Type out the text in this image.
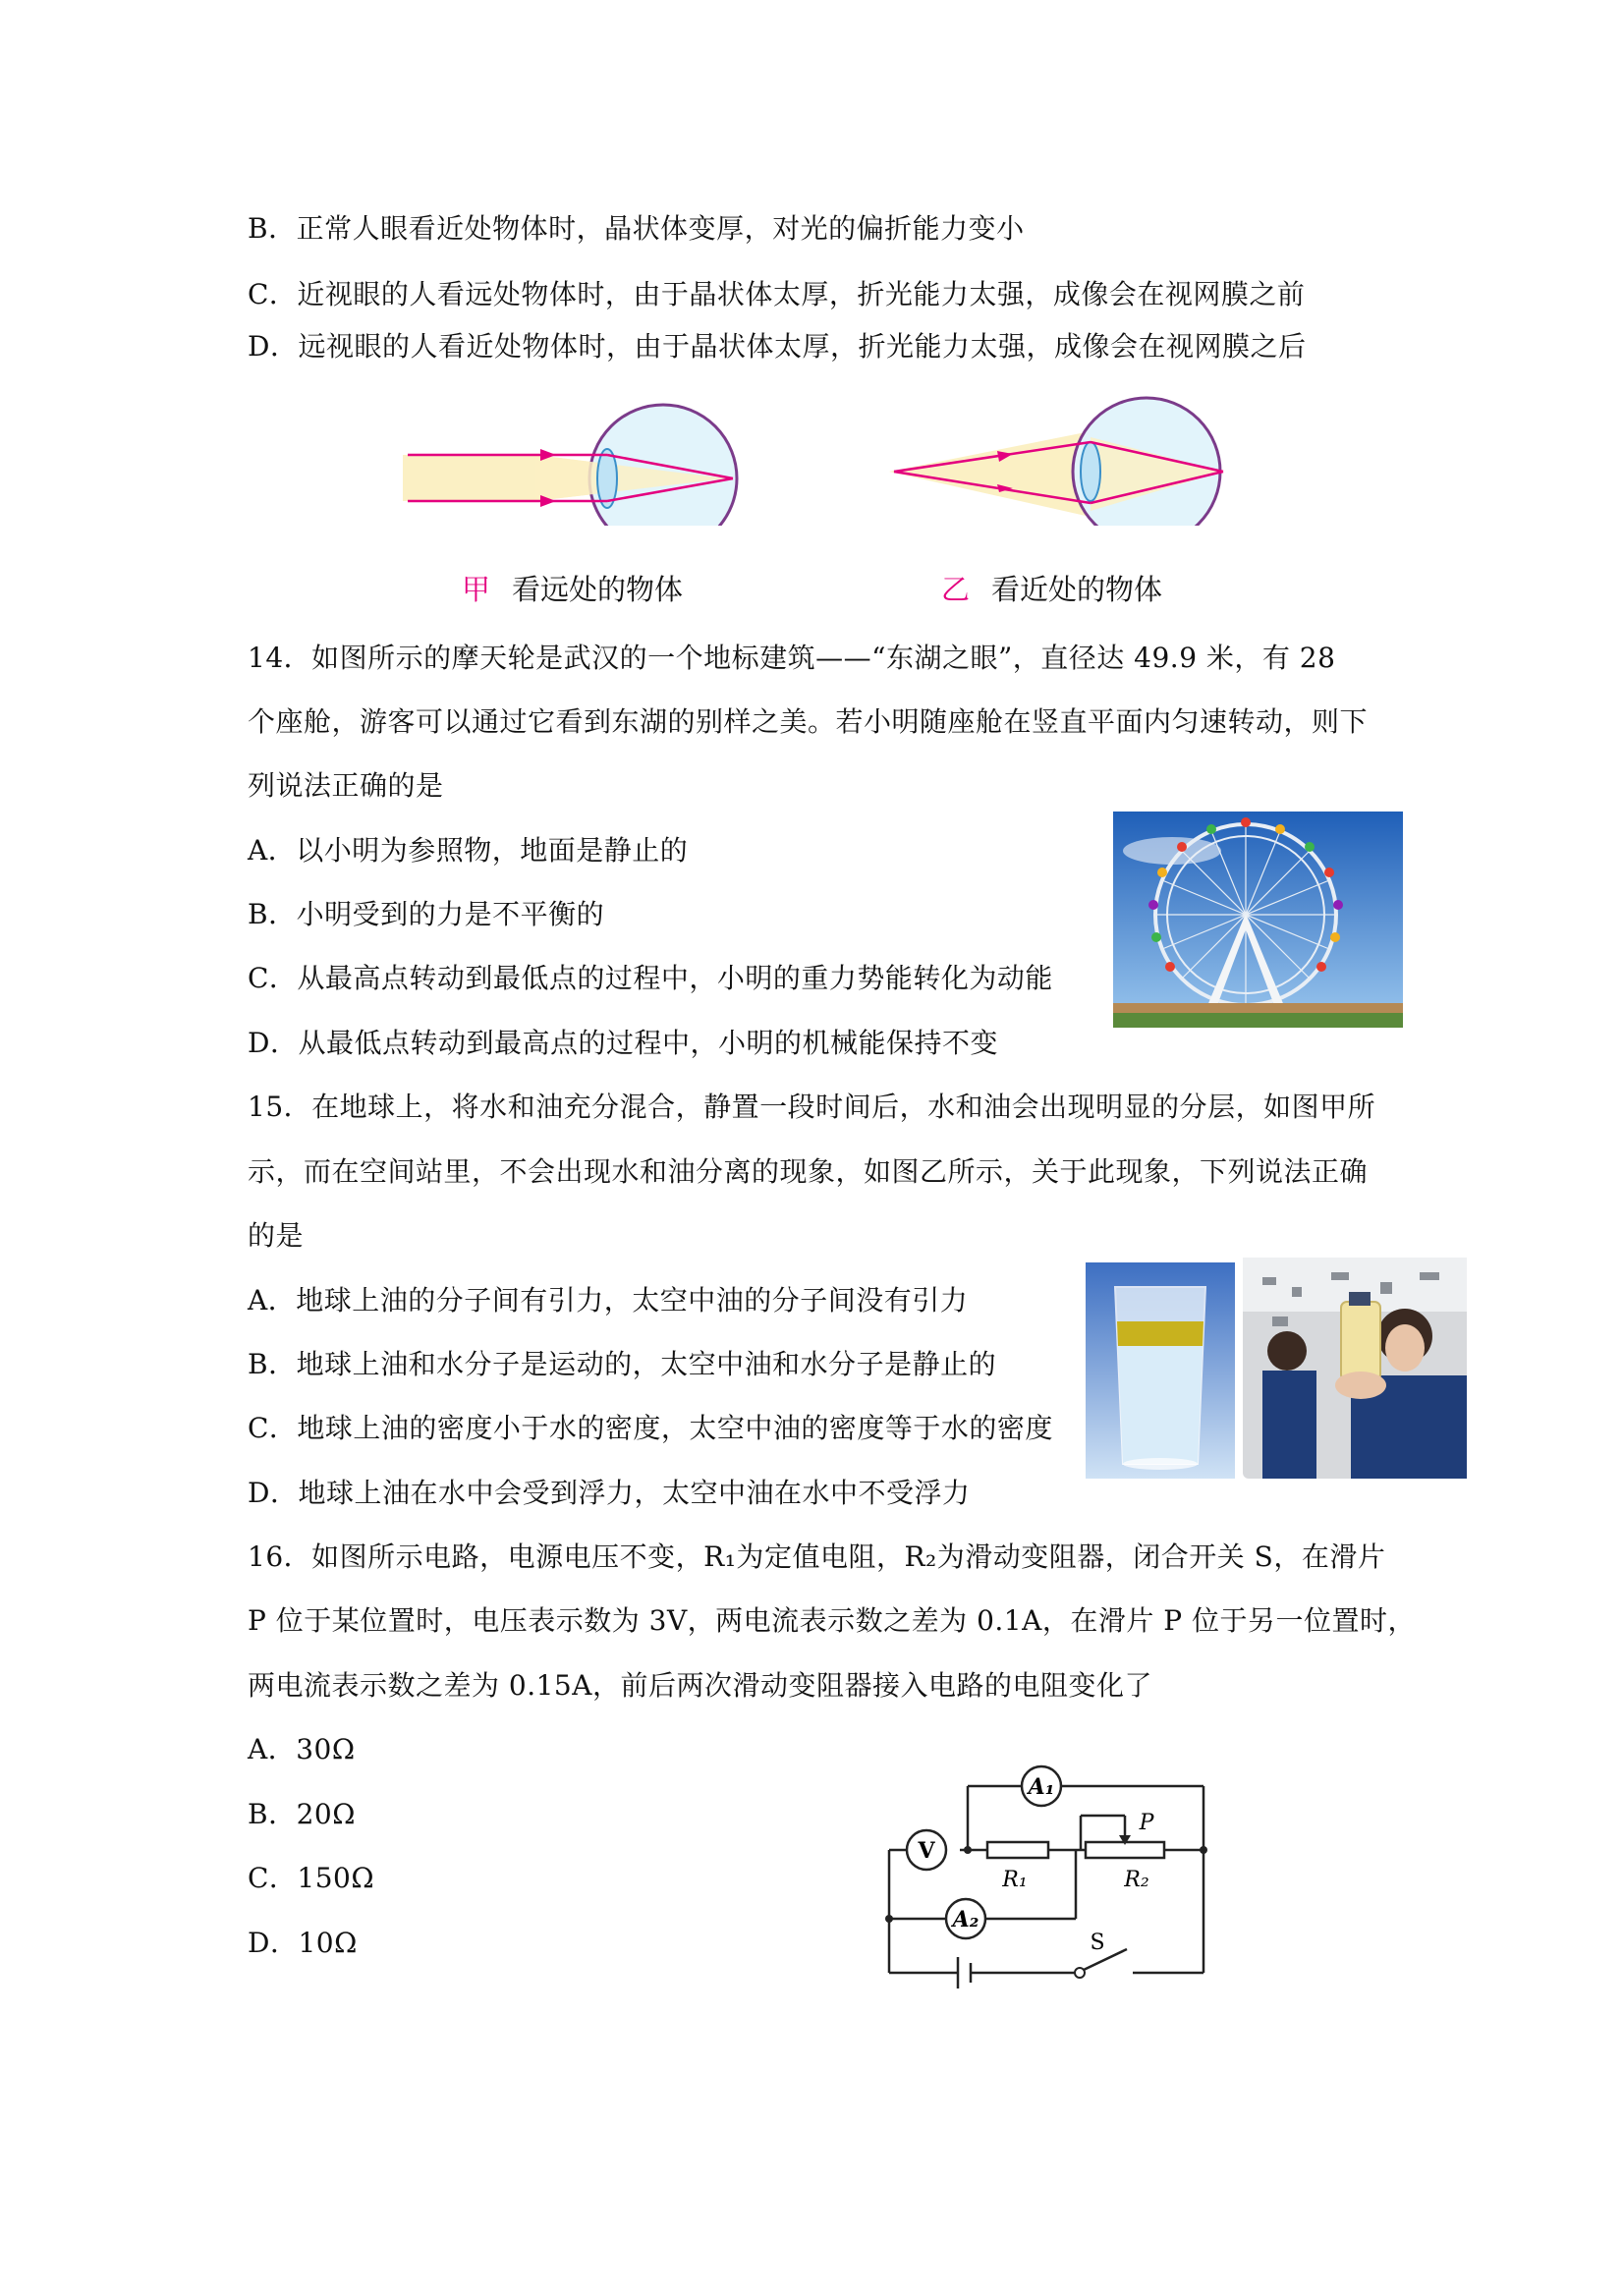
B．正常人眼看近处物体时，晶状体变厚，对光的偏折能力变小
C．近视眼的人看远处物体时，由于晶状体太厚，折光能力太强，成像会在视网膜之前
D．远视眼的人看近处物体时，由于晶状体太厚，折光能力太强，成像会在视网膜之后
甲 看远处的物体	乙 看近处的物体
14．如图所示的摩天轮是武汉的一个地标建筑——“东湖之眼”，直径达 49.9 米，有 28
个座舱，游客可以通过它看到东湖的别样之美。若小明随座舱在竖直平面内匀速转动，则下
列说法正确的是
A．以小明为参照物，地面是静止的
B．小明受到的力是不平衡的
C．从最高点转动到最低点的过程中，小明的重力势能转化为动能
D．从最低点转动到最高点的过程中，小明的机械能保持不变
15．在地球上，将水和油充分混合，静置一段时间后，水和油会出现明显的分层，如图甲所
示，而在空间站里，不会出现水和油分离的现象，如图乙所示，关于此现象，下列说法正确
的是
A．地球上油的分子间有引力，太空中油的分子间没有引力
B．地球上油和水分子是运动的，太空中油和水分子是静止的
C．地球上油的密度小于水的密度，太空中油的密度等于水的密度
D．地球上油在水中会受到浮力，太空中油在水中不受浮力
16．如图所示电路，电源电压不变，R₁为定值电阻，R₂为滑动变阻器，闭合开关 S，在滑片
P 位于某位置时，电压表示数为 3V，两电流表示数之差为 0.1A，在滑片 P 位于另一位置时，
两电流表示数之差为 0.15A，前后两次滑动变阻器接入电路的电阻变化了
A．30Ω
B．20Ω
C．150Ω
D．10Ω
A₁
A₂
V
R₁	R₂
P
S
